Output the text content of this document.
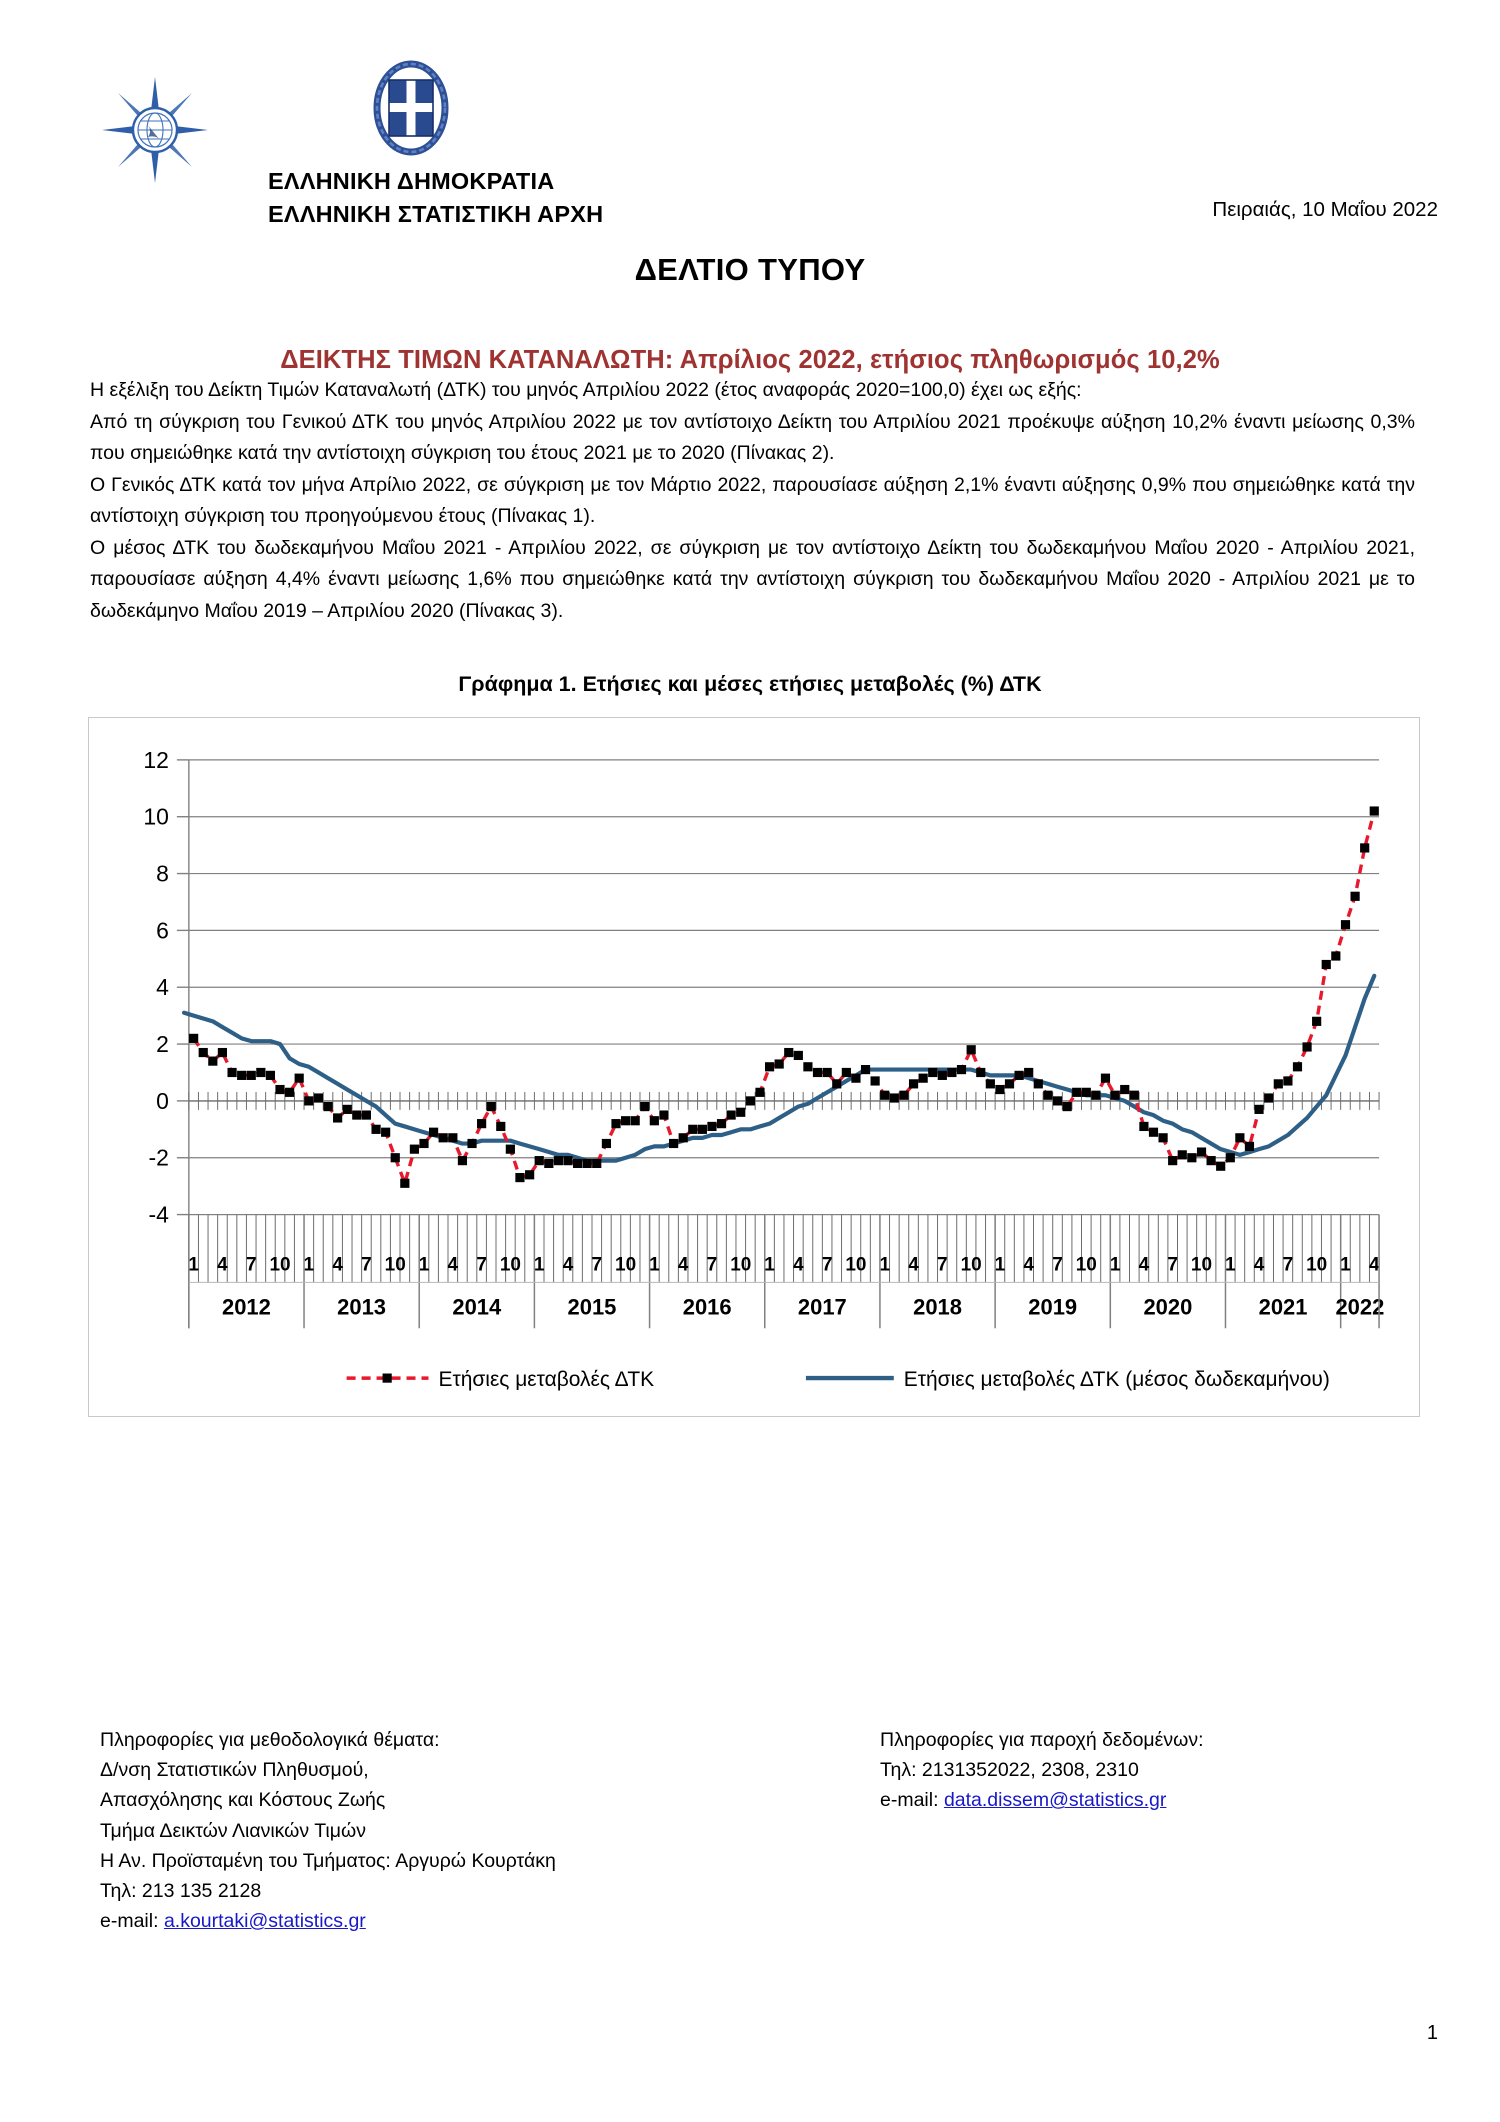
ΕΛΛΗΝΙΚΗ ΔΗΜΟΚΡΑΤΙΑ
ΕΛΛΗΝΙΚΗ ΣΤΑΤΙΣΤΙΚΗ ΑΡΧΗ	Πειραιάς, 10 Μαΐου 2022
ΔΕΛΤΙΟ ΤΥΠΟΥ
ΔΕΙΚΤΗΣ ΤΙΜΩΝ ΚΑΤΑΝΑΛΩΤΗ: Απρίλιος 2022, ετήσιος πληθωρισμός 10,2%

Η εξέλιξη του Δείκτη Τιμών Καταναλωτή (ΔΤΚ) του μηνός Απριλίου 2022 (έτος αναφοράς 2020=100,0) έχει ως εξής:

Από τη σύγκριση του Γενικού ΔΤΚ του μηνός Απριλίου 2022 με τον αντίστοιχο Δείκτη του Απριλίου 2021 προέκυψε αύξηση 10,2% έναντι μείωσης 0,3% που σημειώθηκε κατά την αντίστοιχη σύγκριση του έτους 2021 με το 2020 (Πίνακας 2).

Ο Γενικός ΔΤΚ κατά τον μήνα Απρίλιο 2022, σε σύγκριση με τον Μάρτιο 2022, παρουσίασε αύξηση 2,1% έναντι αύξησης 0,9% που σημειώθηκε κατά την αντίστοιχη σύγκριση του προηγούμενου έτους (Πίνακας 1).

Ο μέσος ΔΤΚ του δωδεκαμήνου Μαΐου 2021 - Απριλίου 2022, σε σύγκριση με τον αντίστοιχο Δείκτη του δωδεκαμήνου Μαΐου 2020 - Απριλίου 2021, παρουσίασε αύξηση 4,4% έναντι μείωσης 1,6% που σημειώθηκε κατά την αντίστοιχη σύγκριση του δωδεκαμήνου Μαΐου 2020 - Απριλίου 2021 με το δωδεκάμηνο Μαΐου 2019 – Απριλίου 2020 (Πίνακας 3).

Γράφημα 1. Ετήσιες και μέσες ετήσιες μεταβολές (%) ΔΤΚ
-4
-2
0
2
4
6
8
10
12
1 4 7 10
2012
1 4 7 10
2013
1 4 7 10
2014
1 4 7 10
2015
1 4 7 10
2016
1 4 7 10
2017
1 4 7 10
2018
1 4 7 10
2019
1 4 7 10
2020
1 4 7 10
2021
1 4
2022
Ετήσιες μεταβολές ΔΤΚ	Ετήσιες μεταβολές ΔΤΚ (μέσος δωδεκαμήνου)
Πληροφορίες για μεθοδολογικά θέματα:
Δ/νση Στατιστικών Πληθυσμού,
Απασχόλησης και Κόστους Ζωής
Τμήμα Δεικτών Λιανικών Τιμών
Η Αν. Προϊσταμένη του Τμήματος: Αργυρώ Κουρτάκη
Τηλ: 213 135 2128
e-mail: a.kourtaki@statistics.gr
Πληροφορίες για παροχή δεδομένων:
Τηλ: 2131352022, 2308, 2310
e-mail: data.dissem@statistics.gr
1
